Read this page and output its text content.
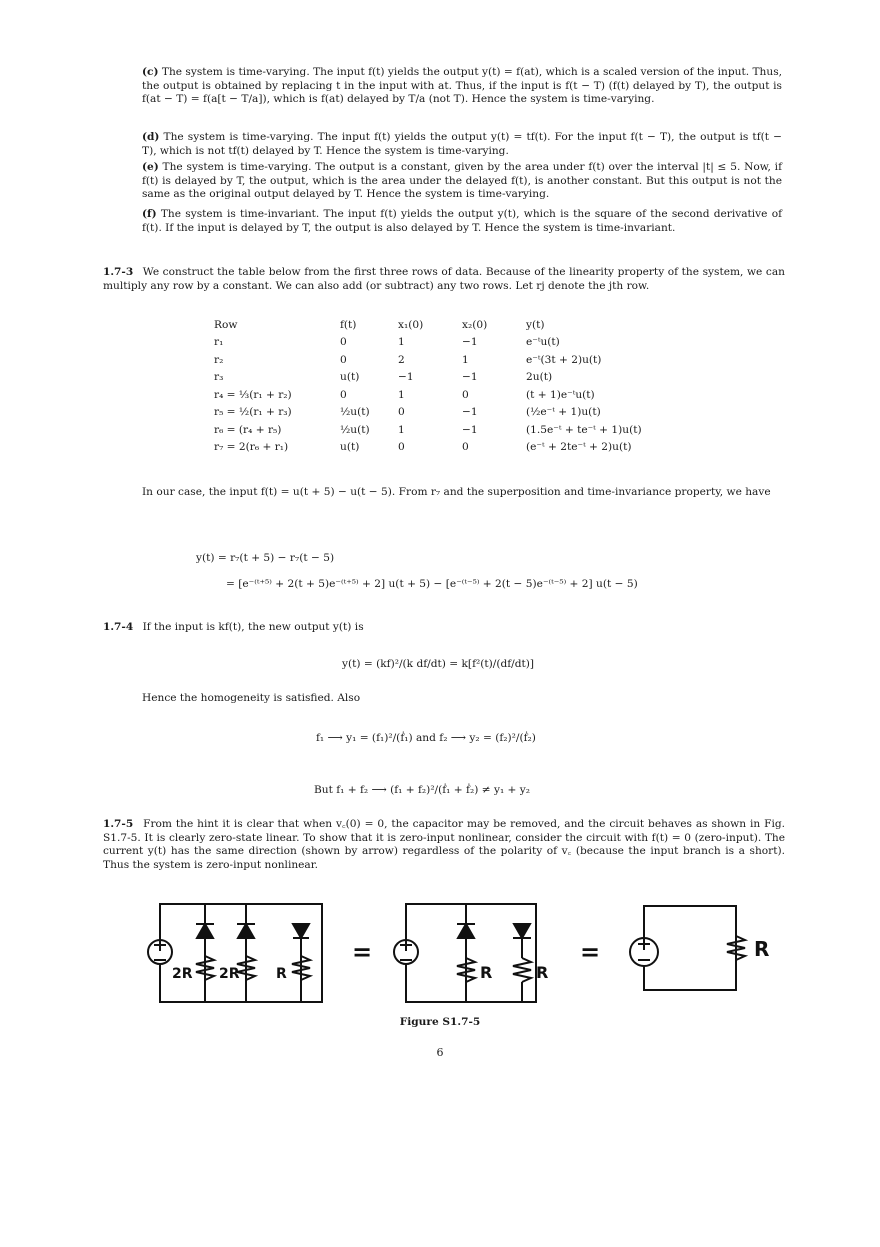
(c) The system is time-varying. The input f(t) yields the output y(t) = f(at), which is a scaled version of the input. Thus, the output is obtained by replacing t in the input with at. Thus, if the input is f(t − T) (f(t) delayed by T), the output is f(at − T) = f(a[t − T/a]), which is f(at) delayed by T/a (not T). Hence the system is time-varying.
(d) The system is time-varying. The input f(t) yields the output y(t) = tf(t). For the input f(t − T), the output is tf(t − T), which is not tf(t) delayed by T. Hence the system is time-varying.
(e) The system is time-varying. The output is a constant, given by the area under f(t) over the interval |t| ≤ 5. Now, if f(t) is delayed by T, the output, which is the area under the delayed f(t), is another constant. But this output is not the same as the original output delayed by T. Hence the system is time-varying.
(f) The system is time-invariant. The input f(t) yields the output y(t), which is the square of the second derivative of f(t). If the input is delayed by T, the output is also delayed by T. Hence the system is time-invariant.
1.7-3 We construct the table below from the first three rows of data. Because of the linearity property of the system, we can multiply any row by a constant. We can also add (or subtract) any two rows. Let rj denote the jth row.
Row	f(t)	x₁(0)	x₂(0)	y(t)
r₁	0	1	−1	e⁻ᵗu(t)
r₂	0	2	1	e⁻ᵗ(3t + 2)u(t)
r₃	u(t)	−1	−1	2u(t)
r₄ = ⅓(r₁ + r₂)	0	1	0	(t + 1)e⁻ᵗu(t)
r₅ = ½(r₁ + r₃)	½u(t)	0	−1	(½e⁻ᵗ + 1)u(t)
r₆ = (r₄ + r₅)	½u(t)	1	−1	(1.5e⁻ᵗ + te⁻ᵗ + 1)u(t)
r₇ = 2(r₆ + r₁)	u(t)	0	0	(e⁻ᵗ + 2te⁻ᵗ + 2)u(t)
In our case, the input f(t) = u(t + 5) − u(t − 5). From r₇ and the superposition and time-invariance property, we have
y(t) = r₇(t + 5) − r₇(t − 5)
= [e⁻⁽ᵗ⁺⁵⁾ + 2(t + 5)e⁻⁽ᵗ⁺⁵⁾ + 2] u(t + 5) − [e⁻⁽ᵗ⁻⁵⁾ + 2(t − 5)e⁻⁽ᵗ⁻⁵⁾ + 2] u(t − 5)
1.7-4 If the input is kf(t), the new output y(t) is
y(t) = (kf)²/(k df/dt) = k[f²(t)/(df/dt)]
Hence the homogeneity is satisfied. Also
f₁ ⟶ y₁ = (f₁)²/(ḟ₁) and f₂ ⟶ y₂ = (f₂)²/(ḟ₂)
But f₁ + f₂ ⟶ (f₁ + f₂)²/(ḟ₁ + ḟ₂) ≠ y₁ + y₂
1.7-5 From the hint it is clear that when v꜀(0) = 0, the capacitor may be removed, and the circuit behaves as shown in Fig. S1.7-5. It is clearly zero-state linear. To show that it is zero-input nonlinear, consider the circuit with f(t) = 0 (zero-input). The current y(t) has the same direction (shown by arrow) regardless of the polarity of v꜀ (because the input branch is a short). Thus the system is zero-input nonlinear.
2R 2R	R
=
R	R
=	R
Figure S1.7-5
6
